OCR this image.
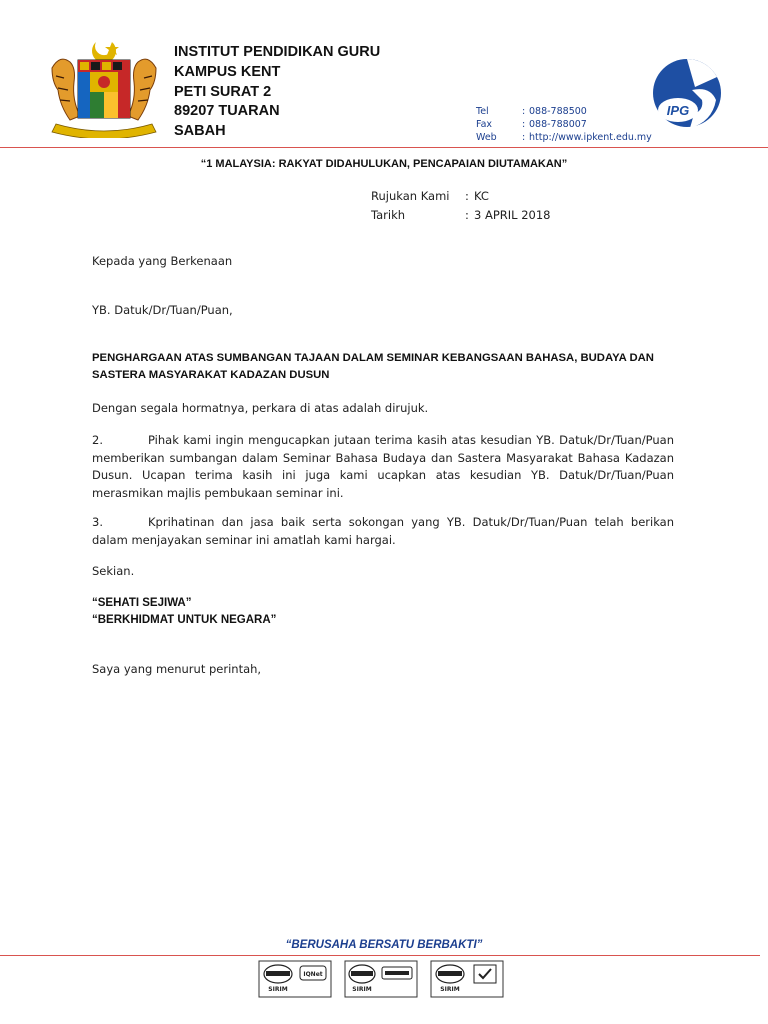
INSTITUT PENDIDIKAN GURU
KAMPUS KENT
PETI SURAT 2
89207 TUARAN
SABAH
Tel	: 088-788500
Fax	: 088-788007
Web	: http://www.ipkent.edu.my
IPG
“1 MALAYSIA: RAKYAT DIDAHULUKAN, PENCAPAIAN DIUTAMAKAN”
Rujukan Kami : KC
Tarikh	: 3 APRIL 2018
Kepada yang Berkenaan
YB. Datuk/Dr/Tuan/Puan,
PENGHARGAAN ATAS SUMBANGAN TAJAAN DALAM SEMINAR KEBANGSAAN BAHASA, BUDAYA DAN
SASTERA MASYARAKAT KADAZAN DUSUN
Dengan segala hormatnya, perkara di atas adalah dirujuk.
2.	Pihak kami ingin mengucapkan jutaan terima kasih atas kesudian YB. Datuk/Dr/Tuan/Puan memberikan sumbangan dalam Seminar Bahasa Budaya dan Sastera Masyarakat Bahasa Kadazan Dusun. Ucapan terima kasih ini juga kami ucapkan atas kesudian YB. Datuk/Dr/Tuan/Puan merasmikan majlis pembukaan seminar ini.
3.	Kprihatinan dan jasa baik serta sokongan yang YB. Datuk/Dr/Tuan/Puan telah berikan dalam menjayakan seminar ini amatlah kami hargai.
Sekian.
“SEHATI SEJIWA”
“BERKHIDMAT UNTUK NEGARA”
Saya yang menurut perintah,
“BERUSAHA BERSATU BERBAKTI”
IQNet
SIRIM	SIRIM	SIRIM
